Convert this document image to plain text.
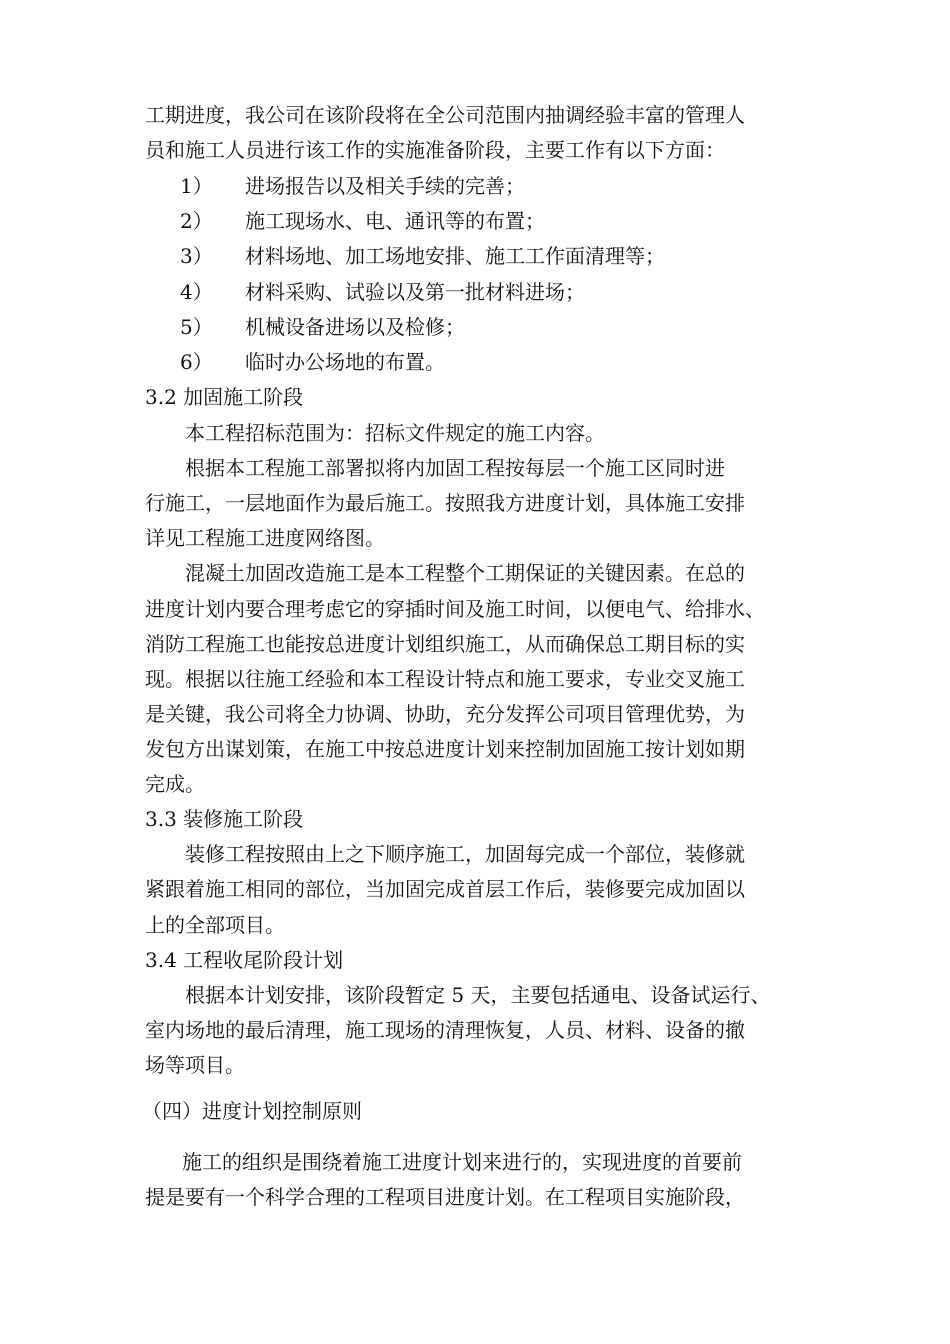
工期进度，我公司在该阶段将在全公司范围内抽调经验丰富的管理人
员和施工人员进行该工作的实施准备阶段，主要工作有以下方面：
1） 进场报告以及相关手续的完善；
2） 施工现场水、电、通讯等的布置；
3） 材料场地、加工场地安排、施工工作面清理等；
4） 材料采购、试验以及第一批材料进场；
5） 机械设备进场以及检修；
6） 临时办公场地的布置。
3.2 加固施工阶段
本工程招标范围为：招标文件规定的施工内容。
根据本工程施工部署拟将内加固工程按每层一个施工区同时进
行施工，一层地面作为最后施工。按照我方进度计划，具体施工安排
详见工程施工进度网络图。
混凝土加固改造施工是本工程整个工期保证的关键因素。在总的
进度计划内要合理考虑它的穿插时间及施工时间，以便电气、给排水、
消防工程施工也能按总进度计划组织施工，从而确保总工期目标的实
现。根据以往施工经验和本工程设计特点和施工要求，专业交叉施工
是关键，我公司将全力协调、协助，充分发挥公司项目管理优势，为
发包方出谋划策，在施工中按总进度计划来控制加固施工按计划如期
完成。
3.3 装修施工阶段
装修工程按照由上之下顺序施工，加固每完成一个部位，装修就
紧跟着施工相同的部位，当加固完成首层工作后，装修要完成加固以
上的全部项目。
3.4 工程收尾阶段计划
根据本计划安排，该阶段暂定 5 天，主要包括通电、设备试运行、
室内场地的最后清理，施工现场的清理恢复，人员、材料、设备的撤
场等项目。
（四）进度计划控制原则
施工的组织是围绕着施工进度计划来进行的，实现进度的首要前
提是要有一个科学合理的工程项目进度计划。在工程项目实施阶段，
